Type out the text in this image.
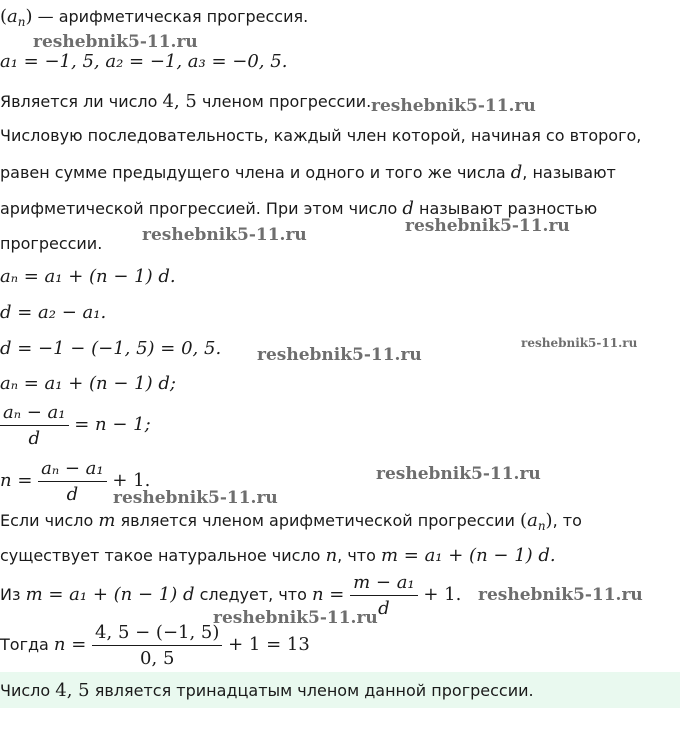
$(a_n)$ — арифметическая прогрессия.
a₁ = −1, 5, a₂ = −1, a₃ = −0, 5.
Является ли число 4, 5 членом прогрессии.
Числовую последовательность, каждый член которой, начиная со второго,
равен сумме предыдущего члена и одного и того же числа d, называют
арифметической прогрессией. При этом число d называют разностью
прогрессии.
aₙ = a₁ + (n − 1) d.
d = a₂ − a₁.
d = −1 − (−1, 5) = 0, 5.
aₙ = a₁ + (n − 1) d;
$\frac{\text{aₙ − a₁}}{d} = n - 1$;
$n = \frac{\text{aₙ − a₁}}{d} + 1$.
Если число m является членом арифметической прогрессии $(a_n)$, то
существует такое натуральное число n, что m = a₁ + (n − 1) d.
Из m = a₁ + (n − 1) d следует, что $n = \frac{\text{m − a₁}}{d} + 1$.
Тогда $n = \frac{4, 5 - (-1, 5)}{0, 5} + 1 = 13$
Число 4, 5 является тринадцатым членом данной прогрессии.
reshebnik5-11.ru
reshebnik5-11.ru
reshebnik5-11.ru	reshebnik5-11.ru
reshebnik5-11.ru
reshebnik5-11.ru
reshebnik5-11.ru
reshebnik5-11.ru
reshebnik5-11.ru
reshebnik5-11.ru
